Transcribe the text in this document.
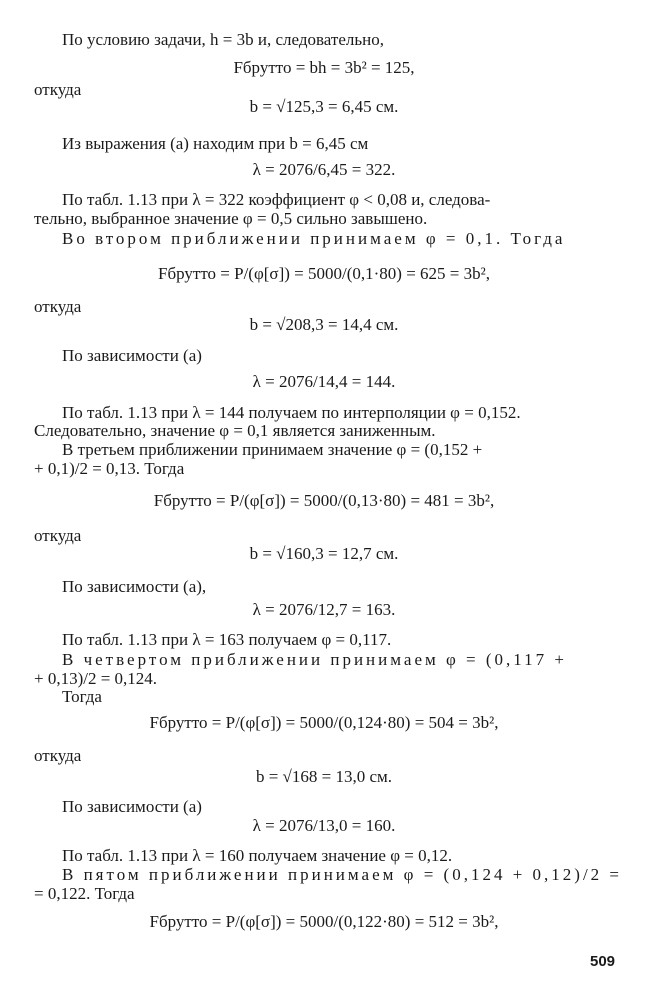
По условию задачи, h = 3b и, следовательно,
Fбрутто = bh = 3b² = 125,
откуда
b = √125,3 = 6,45 см.
Из выражения (а) находим при b = 6,45 см
λ = 2076/6,45 = 322.
По табл. 1.13 при λ = 322 коэффициент φ < 0,08 и, следова-
тельно, выбранное значение φ = 0,5 сильно завышено.
Во втором приближении принимаем φ = 0,1. Тогда
Fбрутто = P/(φ[σ]) = 5000/(0,1·80) = 625 = 3b²,
откуда
b = √208,3 = 14,4 см.
По зависимости (а)
λ = 2076/14,4 = 144.
По табл. 1.13 при λ = 144 получаем по интерполяции φ = 0,152.
Следовательно, значение φ = 0,1 является заниженным.
В третьем приближении принимаем значение φ = (0,152 +
+ 0,1)/2 = 0,13. Тогда
Fбрутто = P/(φ[σ]) = 5000/(0,13·80) = 481 = 3b²,
откуда
b = √160,3 = 12,7 см.
По зависимости (а),
λ = 2076/12,7 = 163.
По табл. 1.13 при λ = 163 получаем φ = 0,117.
В четвертом приближении принимаем φ = (0,117 +
+ 0,13)/2 = 0,124.
Тогда
Fбрутто = P/(φ[σ]) = 5000/(0,124·80) = 504 = 3b²,
откуда
b = √168 = 13,0 см.
По зависимости (а)
λ = 2076/13,0 = 160.
По табл. 1.13 при λ = 160 получаем значение φ = 0,12.
В пятом приближении принимаем φ = (0,124 + 0,12)/2 =
= 0,122. Тогда
Fбрутто = P/(φ[σ]) = 5000/(0,122·80) = 512 = 3b²,
509
